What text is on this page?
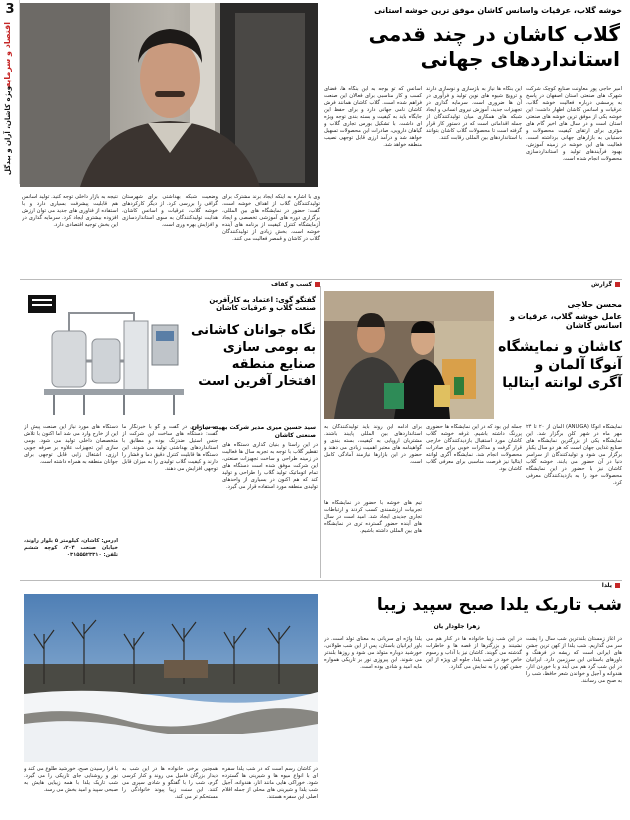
3
اقتصاد و سرمایه
ویژه کاشان، آران و بیدگل
خوشه گلاب، عرقیات واسانس کاشان موفق ترین خوشه استانی
گلاب کاشان در چند قدمی استانداردهای جهانی
امیر حاجی پور معاونت صنایع کوچک شرکت شهرک های صنعتی استان اصفهان در پاسخ به پرسشی درباره فعالیت خوشه گلاب، عرقیات و اسانس کاشان اظهار داشت: این خوشه یکی از موفق ترین خوشه های صنعتی استان است و در سال های اخیر گام های مؤثری برای ارتقای کیفیت محصولات و دستیابی به بازارهای جهانی برداشته است. فعالیت های این خوشه در زمینه آموزش، بهبود فرآیندهای تولید و استانداردسازی محصولات انجام شده است.
این بنگاه ها نیاز به بازسازی و نوسازی دارند و ترویج شیوه های نوین تولید و فرآوری در آن ها ضروری است. سرمایه گذاری در تجهیزات جدید، آموزش نیروی انسانی و ایجاد شبکه های همکاری میان تولیدکنندگان از جمله اقداماتی است که در دستور کار قرار گرفته است تا محصولات گلاب کاشان بتوانند با استانداردهای بین المللی رقابت کنند.
اسانس که تو بوجه به این بنگاه ها، فضای کسب و کار مناسبی برای فعالان این صنعت فراهم شده است. گلاب کاشان همانند فرش کاشان نامی جهانی دارد و برای حفظ این جایگاه باید به کیفیت و بسته بندی توجه ویژه ای داشت. با تشکیل بورس تجاری گلاب و گیاهان دارویی، صادرات این محصولات تسهیل خواهد شد و درآمد ارزی قابل توجهی نصیب منطقه خواهد شد.
وی با اشاره به اینکه ایجاد برند مشترک برای تولیدکنندگان گلاب از اهداف خوشه است، گفت: حضور در نمایشگاه های بین المللی، برگزاری دوره های آموزشی تخصصی و ایجاد آزمایشگاه کنترل کیفیت از برنامه های آینده خوشه است. بخش زیادی از تولیدکنندگان گلاب در کاشان و قمصر فعالیت می کنند.
وضعیت شبکه بهداشتی برای شهرستان گرافی را بررسی کرد. از دیگر کارکردهای خوشه گلاب، عرقیات و اسانس کاشان، هدایت تولیدکنندگان به سوی استانداردسازی و افزایش بهره وری است.
نتیجه به بازار داخلی توجه کنید. تولید اسانس هم قابلیت پیشرفت بسیاری دارد و با استفاده از فناوری های جدید می توان ارزش افزوده بیشتری ایجاد کرد. سرمایه گذاری در این بخش توجیه اقتصادی دارد.
گزارش
کسب و کفاف
محسن حلاجی
عامل خوشه گلاب، عرقیات و اسانس کاشان
کاشان و نمایشگاه آنوگا آلمان و آگری لوانته ایتالیا
نمایشگاه آنوگا (ANUGA) آلمان از ۲۰ تا ۲۴ مهر ماه در شهر کلن برگزار شد. این نمایشگاه یکی از بزرگترین نمایشگاه های صنایع غذایی جهان است که هر دو سال یکبار برگزار می شود و تولیدکنندگان از سراسر دنیا در آن حضور می یابند. خوشه گلاب کاشان نیز با حضور در این نمایشگاه محصولات خود را به بازدیدکنندگان معرفی کرد.
جمله این بود که در این نمایشگاه ها حضوری پررنگ داشته باشیم. غرفه خوشه گلاب کاشان مورد استقبال بازدیدکنندگان خارجی قرار گرفت و مذاکرات خوبی برای صادرات محصولات انجام شد. نمایشگاه آگری لوانته ایتالیا نیز فرصت مناسبی برای معرفی گلاب کاشان بود.
برای ادامه این روند باید تولیدکنندگان به استانداردهای بین المللی پایبند باشند. مشتریان اروپایی به کیفیت، بسته بندی و گواهینامه های معتبر اهمیت زیادی می دهند و حضور در این بازارها نیازمند آمادگی کامل است.
تیم های خوشه با حضور در نمایشگاه ها تجربیات ارزشمندی کسب کردند و ارتباطات تجاری جدیدی ایجاد شد. امید است در سال های آینده حضور گسترده تری در نمایشگاه های بین المللی داشته باشیم.
گفتگو گوی: اعتماد به کارآفرین صنعت گلاب و عرقیات کاشان
نگاه جوانان کاشانی به بومی سازی صنایع منطقه افتخار آفرین است
سید حسین میری مدیر شرکت بهینه سازان صنعتی کاشان
در این راستا و بنیان گذاری دستگاه های تقطیر گلاب با توجه به تجربه سال ها فعالیت در زمینه طراحی و ساخت تجهیزات صنعتی، این شرکت موفق شده است دستگاه های تمام اتوماتیک تولید گلاب را طراحی و تولید کند که هم اکنون در بسیاری از واحدهای تولیدی منطقه مورد استفاده قرار می گیرد.
حسین میری در گفت و گو با خبرنگار ما گفت: دستگاه های ساخت این شرکت از جنس استیل ضدزنگ بوده و مطابق با استانداردهای بهداشتی تولید می شوند. این دستگاه ها قابلیت کنترل دقیق دما و فشار را دارند و کیفیت گلاب تولیدی را به میزان قابل توجهی افزایش می دهند.
دستگاه های مورد نیاز این صنعت پیش از این از خارج وارد می شد اما اکنون با تلاش متخصصان داخلی تولید می شود. بومی سازی این تجهیزات علاوه بر صرفه جویی ارزی، اشتغال زایی قابل توجهی برای جوانان منطقه به همراه داشته است.
آدرس: کاشان، کیلومتر ۵ بلوار راوند، خیابان صنعت ۲۰۴، کوچه ششم تلفن: ۰۳۱۵۵۵۲۳۳۱۰
یلدا
شب تاریک یلدا صبح سپید زیبا
زهرا جلودار یان
در آغاز زمستان بلندترین شب سال را پشت سر می گذاریم. شب یلدا از کهن ترین جشن های ایرانی است که ریشه در فرهنگ و باورهای باستانی این سرزمین دارد. ایرانیان در این شب گرد هم می آیند و با خوردن انار، هندوانه و آجیل و خواندن شعر حافظ، شب را به صبح می رسانند.
در این شب زیبا خانواده ها در کنار هم می نشینند و بزرگترها از قصه ها و خاطرات گذشته می گویند. کاشان نیز با آداب و رسوم خاص خود در شب یلدا، جلوه ای ویژه از این جشن کهن را به نمایش می گذارد.
یلدا واژه ای سریانی به معنای تولد است. در باور ایرانیان باستان، پس از این شب طولانی، خورشید دوباره متولد می شود و روزها بلندتر می شوند. این پیروزی نور بر تاریکی همواره مایه امید و شادی بوده است.
در کاشان رسم است که در شب یلدا سفره ای با انواع میوه ها و شیرینی ها گسترده شود. خوراکی هایی مانند انار، هندوانه، آجیل شب یلدا و شیرینی های محلی از جمله اقلام اصلی این سفره هستند.
همچنین برخی خانواده ها در این شب به دیدار بزرگان فامیل می روند و کنار کرسی گرم، شب را با گفتگو و شادی سپری می کنند. این سنت زیبا پیوند خانوادگی را مستحکم تر می کند.
با فرا رسیدن صبح، خورشید طلوع می کند و نور و روشنایی جای تاریکی را می گیرد. شب تاریک یلدا با همه زیبایی هایش به صبحی سپید و امید بخش می رسد.
